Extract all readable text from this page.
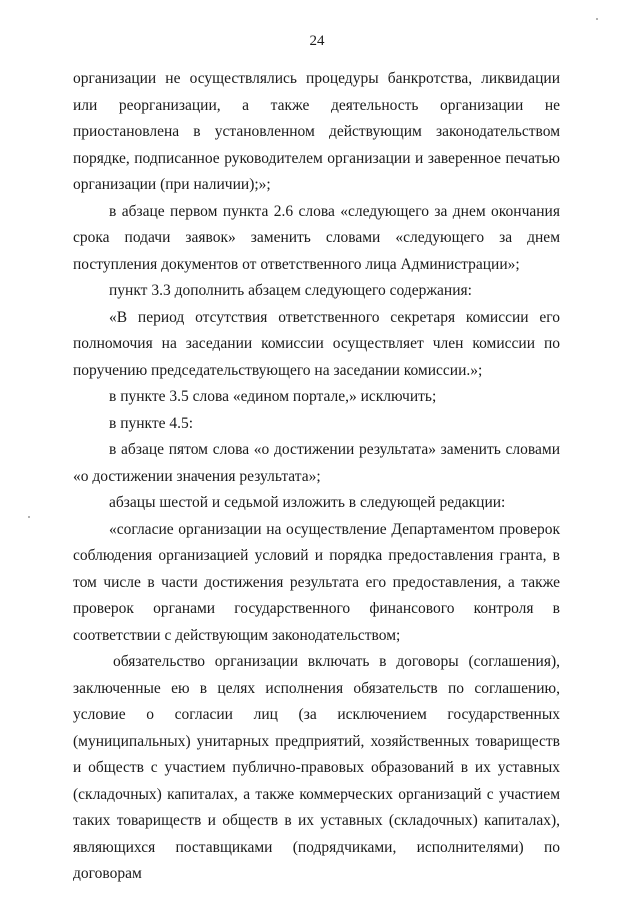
24

организации не осуществлялись процедуры банкротства, ликвидации или реорганизации, а также деятельность организации не приостановлена в установленном действующим законодательством порядке, подписанное руководителем организации и заверенное печатью организации (при наличии);»;

в абзаце первом пункта 2.6 слова «следующего за днем окончания срока подачи заявок» заменить словами «следующего за днем поступления документов от ответственного лица Администрации»;

пункт 3.3 дополнить абзацем следующего содержания:

«В период отсутствия ответственного секретаря комиссии его полномочия на заседании комиссии осуществляет член комиссии по поручению председательствующего на заседании комиссии.»;

в пункте 3.5 слова «едином портале,» исключить;

в пункте 4.5:

в абзаце пятом слова «о достижении результата» заменить словами «о достижении значения результата»;

абзацы шестой и седьмой изложить в следующей редакции:

«согласие организации на осуществление Департаментом проверок соблюдения организацией условий и порядка предоставления гранта, в том числе в части достижения результата его предоставления, а также проверок органами государственного финансового контроля в соответствии с действующим законодательством;

обязательство организации включать в договоры (соглашения), заключенные ею в целях исполнения обязательств по соглашению, условие о согласии лиц (за исключением государственных (муниципальных) унитарных предприятий, хозяйственных товариществ и обществ с участием публично-правовых образований в их уставных (складочных) капиталах, а также коммерческих организаций с участием таких товариществ и обществ в их уставных (складочных) капиталах), являющихся поставщиками (подрядчиками, исполнителями) по договорам
